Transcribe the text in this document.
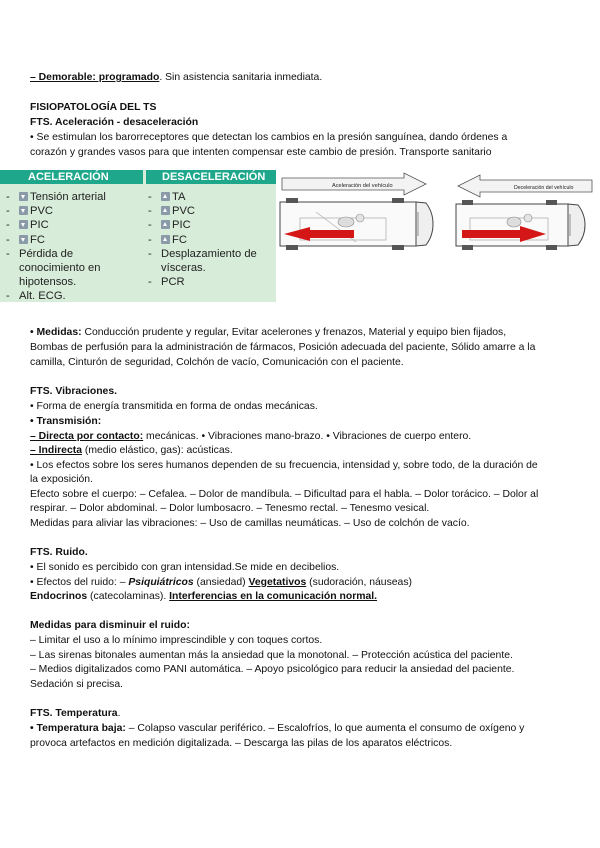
– Demorable: programado. Sin asistencia sanitaria inmediata.
FISIOPATOLOGÍA DEL TS
FTS. Aceleración - desaceleración
• Se estimulan los barorreceptores que detectan los cambios en la presión sanguínea, dando órdenes a
corazón y grandes vasos para que intenten compensar este cambio de presión. Transporte sanitario
ACELERACIÓN	DESACELERACIÓN
- Tensión arterial
- PVC
- PIC
- FC
- Pérdida de
conocimiento en
hipotensos.
- Alt. ECG.
- TA
- PVC
- PIC
- FC
- Desplazamiento de
vísceras.
- PCR
Aceleración del vehículo	Deceleración del vehículo
• Medidas: Conducción prudente y regular, Evitar acelerones y frenazos, Material y equipo bien fijados,
Bombas de perfusión para la administración de fármacos, Posición adecuada del paciente, Sólido amarre a la
camilla, Cinturón de seguridad, Colchón de vacío, Comunicación con el paciente.
FTS. Vibraciones.
• Forma de energía transmitida en forma de ondas mecánicas.
• Transmisión:
– Directa por contacto: mecánicas. • Vibraciones mano-brazo. • Vibraciones de cuerpo entero.
– Indirecta (medio elástico, gas): acústicas.
• Los efectos sobre los seres humanos dependen de su frecuencia, intensidad y, sobre todo, de la duración de
la exposición.
Efecto sobre el cuerpo: – Cefalea. – Dolor de mandíbula. – Dificultad para el habla. – Dolor torácico. – Dolor al
respirar. – Dolor abdominal. – Dolor lumbosacro. – Tenesmo rectal. – Tenesmo vesical.
Medidas para aliviar las vibraciones: – Uso de camillas neumáticas. – Uso de colchón de vacío.
FTS. Ruido.
• El sonido es percibido con gran intensidad.Se mide en decibelios.
• Efectos del ruido: – Psiquiátricos (ansiedad) Vegetativos (sudoración, náuseas)
Endocrinos (catecolaminas). Interferencias en la comunicación normal.
Medidas para disminuir el ruido:
– Limitar el uso a lo mínimo imprescindible y con toques cortos.
– Las sirenas bitonales aumentan más la ansiedad que la monotonal. – Protección acústica del paciente.
– Medios digitalizados como PANI automática. – Apoyo psicológico para reducir la ansiedad del paciente.
Sedación si precisa.
FTS. Temperatura.
• Temperatura baja: – Colapso vascular periférico. – Escalofríos, lo que aumenta el consumo de oxígeno y
provoca artefactos en medición digitalizada. – Descarga las pilas de los aparatos eléctricos.
